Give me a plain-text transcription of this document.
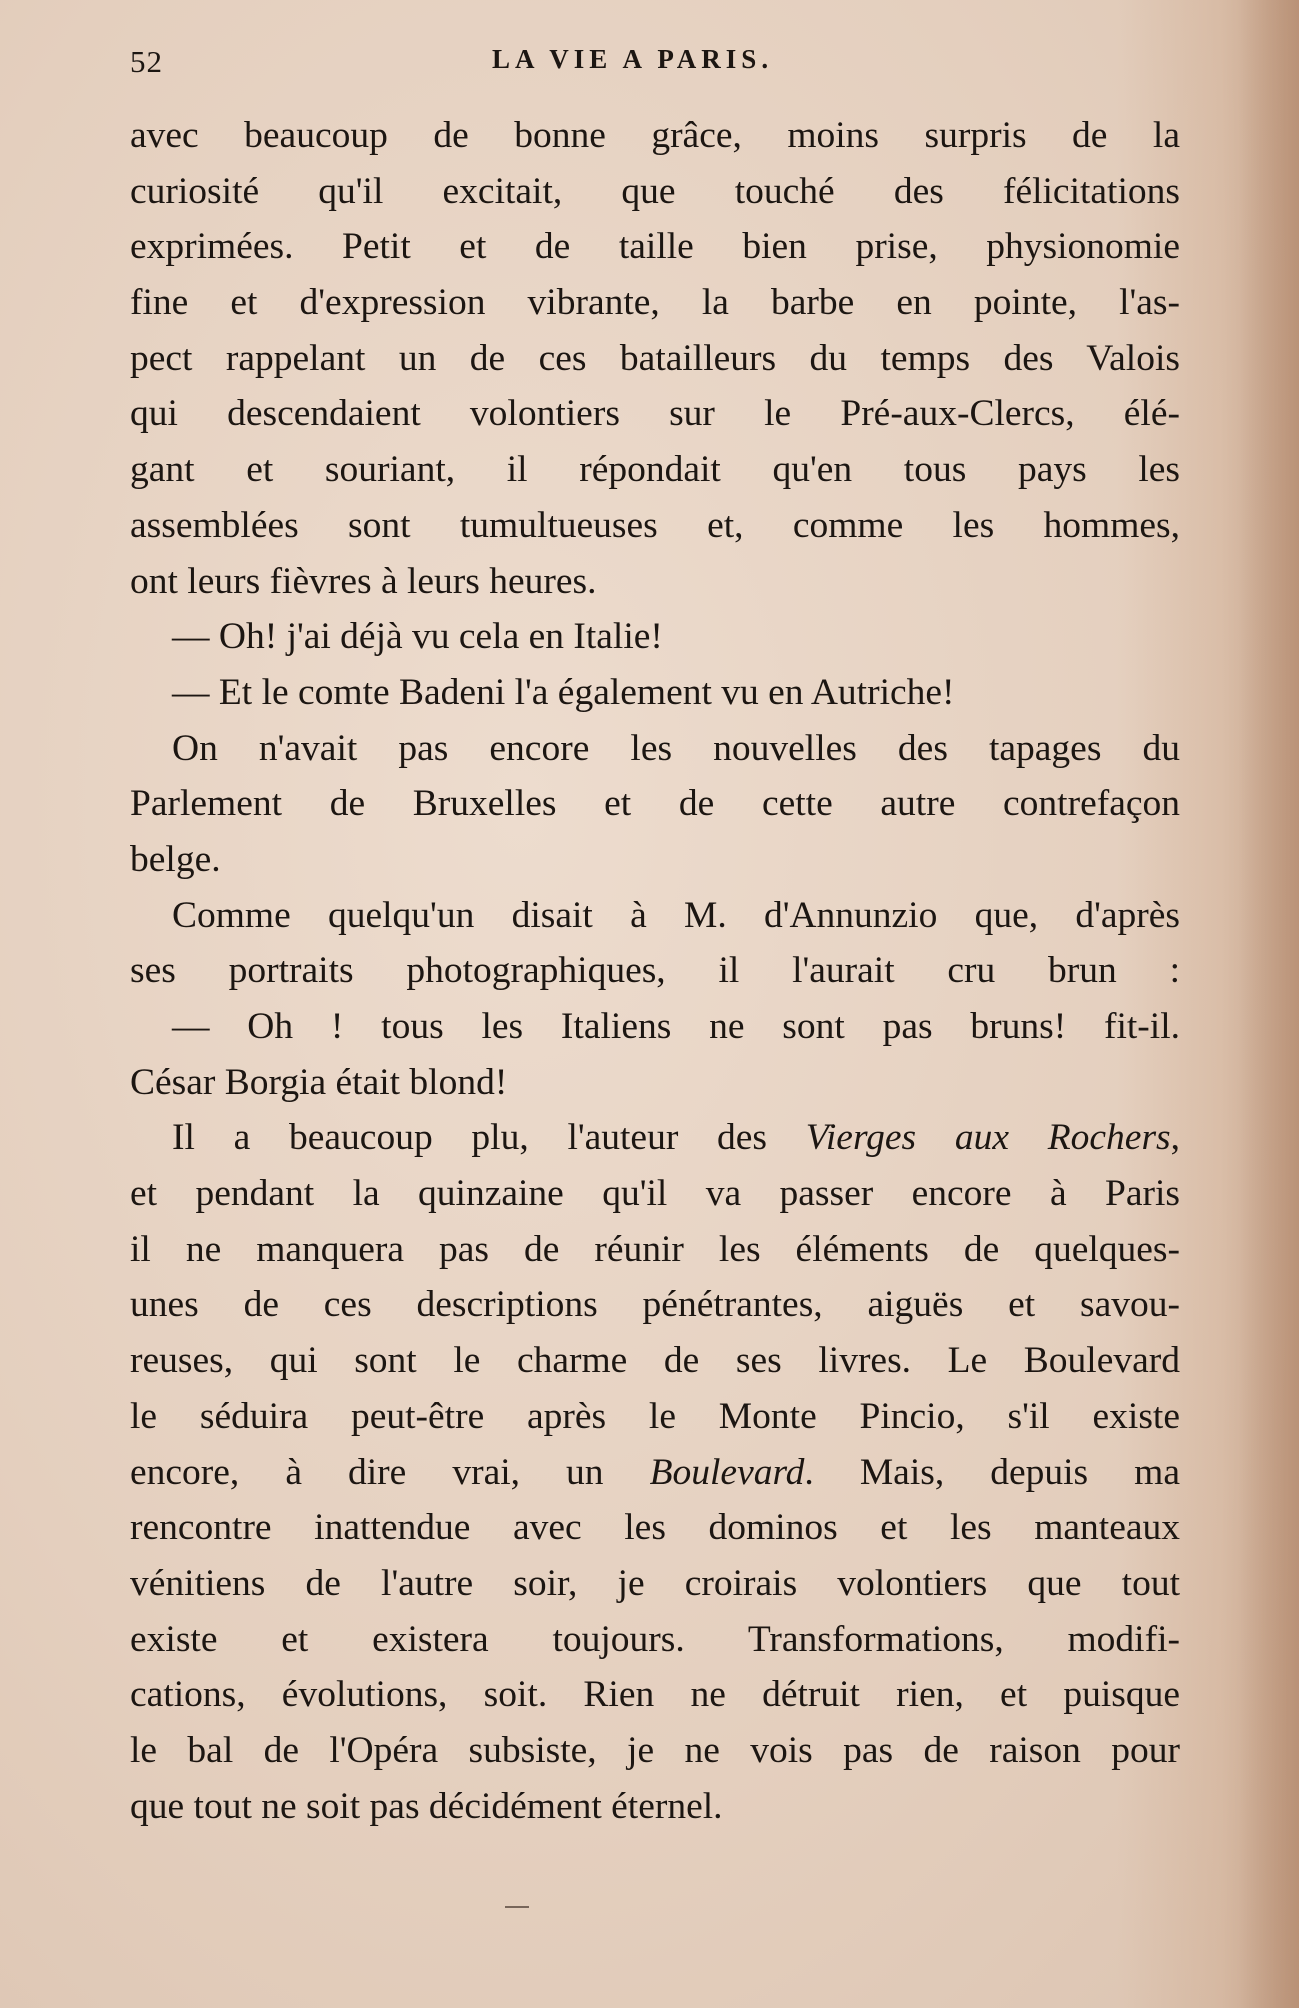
52	LA VIE A PARIS.
avec beaucoup de bonne grâce, moins surpris de la
curiosité qu'il excitait, que touché des félicitations
exprimées. Petit et de taille bien prise, physionomie
fine et d'expression vibrante, la barbe en pointe, l'as-
pect rappelant un de ces batailleurs du temps des Valois
qui descendaient volontiers sur le Pré-aux-Clercs, élé-
gant et souriant, il répondait qu'en tous pays les
assemblées sont tumultueuses et, comme les hommes,
ont leurs fièvres à leurs heures.
— Oh! j'ai déjà vu cela en Italie!
— Et le comte Badeni l'a également vu en Autriche!
On n'avait pas encore les nouvelles des tapages du
Parlement de Bruxelles et de cette autre contrefaçon
belge.
Comme quelqu'un disait à M. d'Annunzio que, d'après
ses portraits photographiques, il l'aurait cru brun :
— Oh ! tous les Italiens ne sont pas bruns! fit-il.
César Borgia était blond!
Il a beaucoup plu, l'auteur des Vierges aux Rochers,
et pendant la quinzaine qu'il va passer encore à Paris
il ne manquera pas de réunir les éléments de quelques-
unes de ces descriptions pénétrantes, aiguës et savou-
reuses, qui sont le charme de ses livres. Le Boulevard
le séduira peut-être après le Monte Pincio, s'il existe
encore, à dire vrai, un Boulevard. Mais, depuis ma
rencontre inattendue avec les dominos et les manteaux
vénitiens de l'autre soir, je croirais volontiers que tout
existe et existera toujours. Transformations, modifi-
cations, évolutions, soit. Rien ne détruit rien, et puisque
le bal de l'Opéra subsiste, je ne vois pas de raison pour
que tout ne soit pas décidément éternel.
